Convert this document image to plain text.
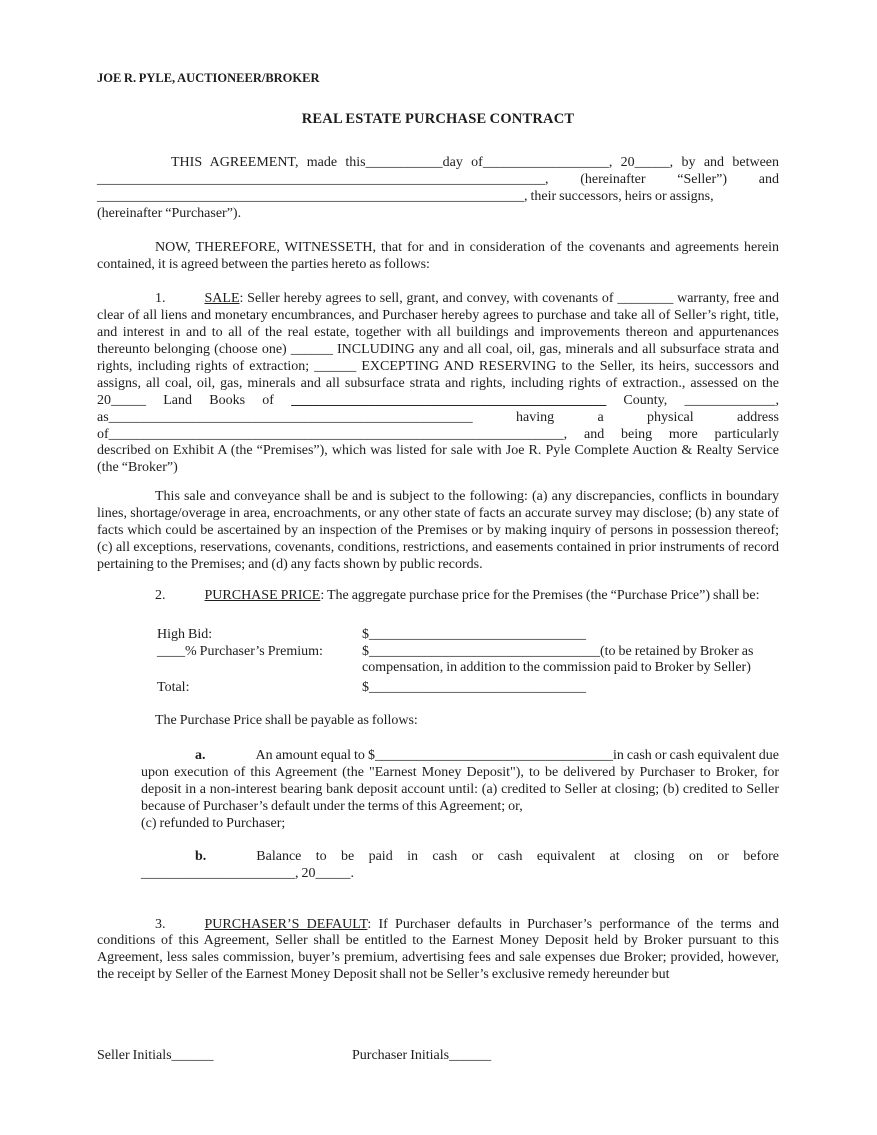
JOE R. PYLE, AUCTIONEER/BROKER
REAL ESTATE PURCHASE CONTRACT

THIS AGREEMENT, made this___________day of__________________, 20_____, by and between ________________________________________________________________, (hereinafter “Seller”) and _____________________________________________________________, their successors, heirs or assigns,
(hereinafter “Purchaser”).

NOW, THEREFORE, WITNESSETH, that for and in consideration of the covenants and agreements herein contained, it is agreed between the parties hereto as follows:

1.	SALE: Seller hereby agrees to sell, grant, and convey, with covenants of ________ warranty, free and clear of all liens and monetary encumbrances, and Purchaser hereby agrees to purchase and take all of Seller’s right, title, and interest in and to all of the real estate, together with all buildings and improvements thereon and appurtenances thereunto belonging (choose one) ______ INCLUDING any and all coal, oil, gas, minerals and all subsurface strata and rights, including rights of extraction; ______ EXCEPTING AND RESERVING to the Seller, its heirs, successors and assigns, all coal, oil, gas, minerals and all subsurface strata and rights, including rights of extraction., assessed on the 20_____ Land Books of _____________________________________________ County, _____________, as____________________________________________________ having a physical address of_________________________________________________________________, and being more particularly described on Exhibit A (the “Premises”), which was listed for sale with Joe R. Pyle Complete Auction & Realty Service (the “Broker”)

This sale and conveyance shall be and is subject to the following: (a) any discrepancies, conflicts in boundary lines, shortage/overage in area, encroachments, or any other state of facts an accurate survey may disclose; (b) any state of facts which could be ascertained by an inspection of the Premises or by making inquiry of persons in possession thereof; (c) all exceptions, reservations, covenants, conditions, restrictions, and easements contained in prior instruments of record pertaining to the Premises; and (d) any facts shown by public records.

2.	PURCHASE PRICE: The aggregate purchase price for the Premises (the “Purchase Price”) shall be:

High Bid:	$_______________________________
____% Purchaser’s Premium:	$_________________________________(to be retained by Broker as
compensation, in addition to the commission paid to Broker by Seller)
Total:	$_______________________________

The Purchase Price shall be payable as follows:

a.	An amount equal to $__________________________________in cash or cash equivalent due upon execution of this Agreement (the "Earnest Money Deposit"), to be delivered by Purchaser to Broker, for deposit in a non-interest bearing bank deposit account until: (a) credited to Seller at closing; (b) credited to Seller because of Purchaser’s default under the terms of this Agreement; or,
(c) refunded to Purchaser;

b.	Balance to be paid in cash or cash equivalent at closing on or before ______________________, 20_____.

3.	PURCHASER’S DEFAULT: If Purchaser defaults in Purchaser’s performance of the terms and conditions of this Agreement, Seller shall be entitled to the Earnest Money Deposit held by Broker pursuant to this Agreement, less sales commission, buyer’s premium, advertising fees and sale expenses due Broker; provided, however, the receipt by Seller of the Earnest Money Deposit shall not be Seller’s exclusive remedy hereunder but

Seller Initials______	Purchaser Initials______
